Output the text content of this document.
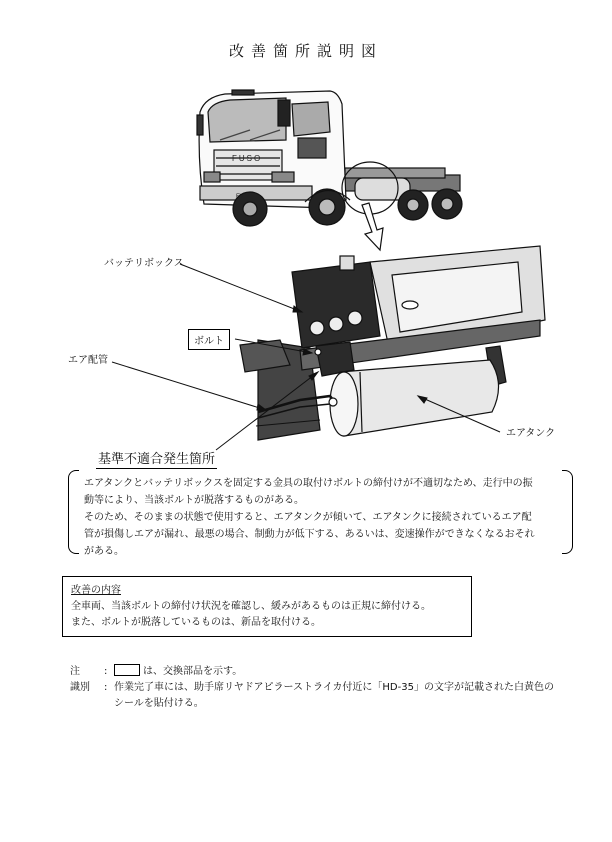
改善箇所説明図
FUSO
FV
バッテリボックス
ボルト
エア配管
エアタンク
基準不適合発生箇所

エアタンクとバッテリボックスを固定する金具の取付けボルトの締付けが不適切なため、走行中の振

動等により、当該ボルトが脱落するものがある。

そのため、そのままの状態で使用すると、エアタンクが傾いて、エアタンクに接続されているエア配

管が損傷しエアが漏れ、最悪の場合、制動力が低下する、あるいは、変速操作ができなくなるおそれ

がある。

改善の内容

全車両、当該ボルトの締付け状況を確認し、緩みがあるものは正規に締付ける。

また、ボルトが脱落しているものは、新品を取付ける。

注	:	は、交換部品を示す。
識別	: 作業完了車には、助手席リヤドアピラーストライカ付近に「HD-35」の文字が記載された白黄色の
シールを貼付ける。
